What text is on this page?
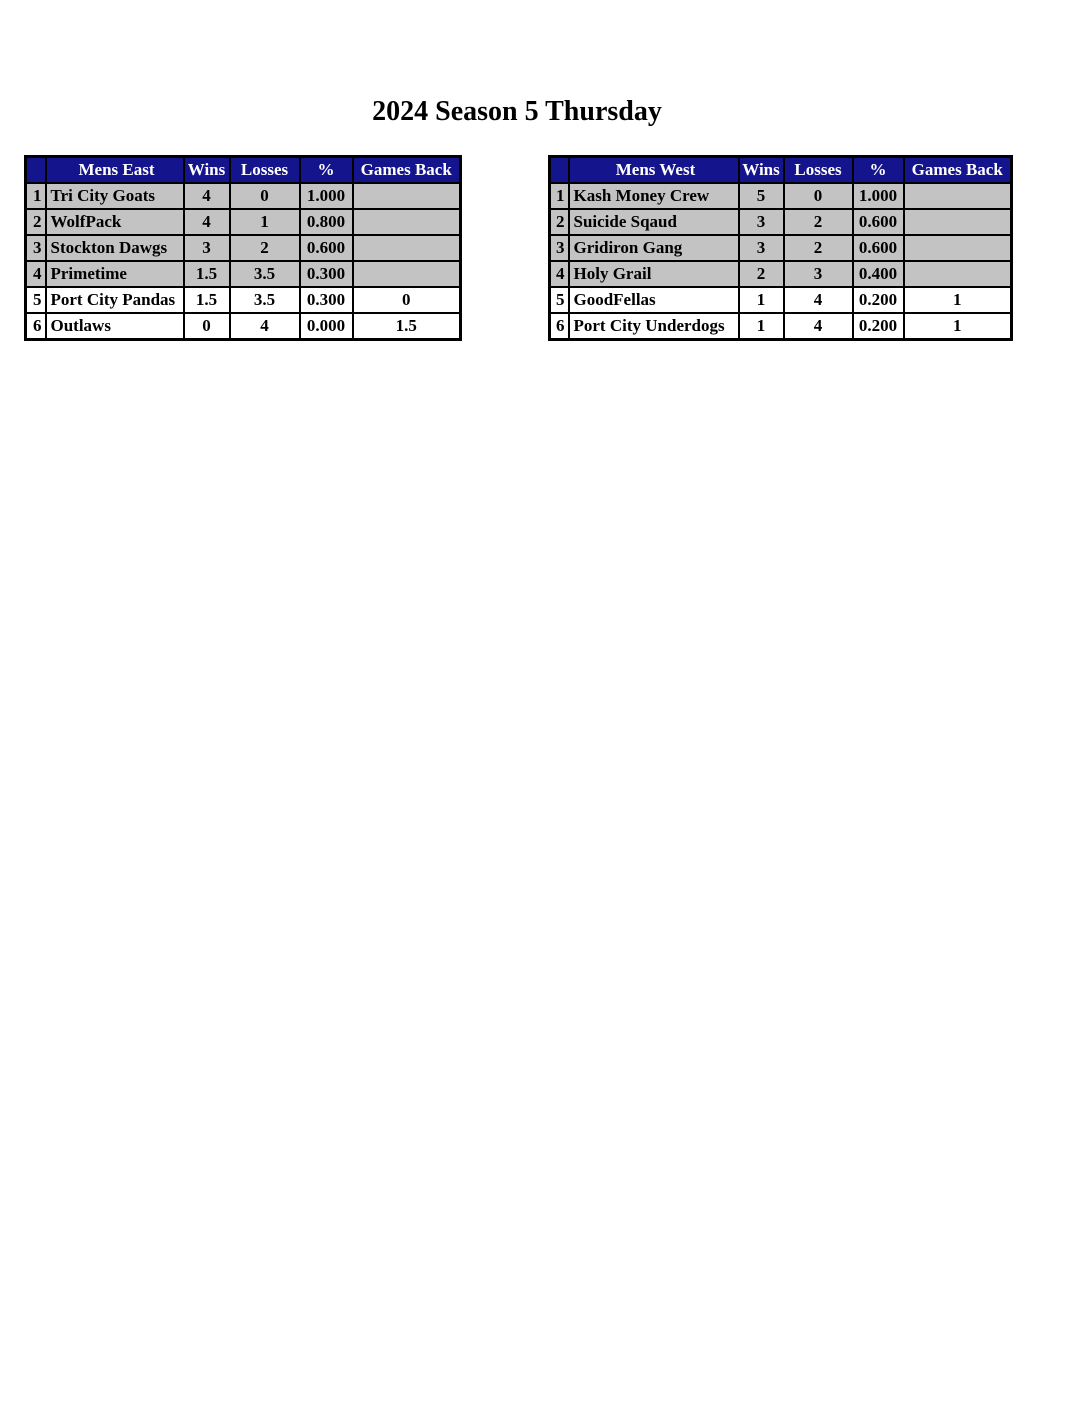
2024 Season 5 Thursday
	Mens East	Wins	Losses	%	Games Back
1	Tri City Goats	4	0	1.000	
2	WolfPack	4	1	0.800	
3	Stockton Dawgs	3	2	0.600	
4	Primetime	1.5	3.5	0.300	
5	Port City Pandas	1.5	3.5	0.300	0
6	Outlaws	0	4	0.000	1.5
	Mens West	Wins	Losses	%	Games Back
1	Kash Money Crew	5	0	1.000	
2	Suicide Sqaud	3	2	0.600	
3	Gridiron Gang	3	2	0.600	
4	Holy Grail	2	3	0.400	
5	GoodFellas	1	4	0.200	1
6	Port City Underdogs	1	4	0.200	1
